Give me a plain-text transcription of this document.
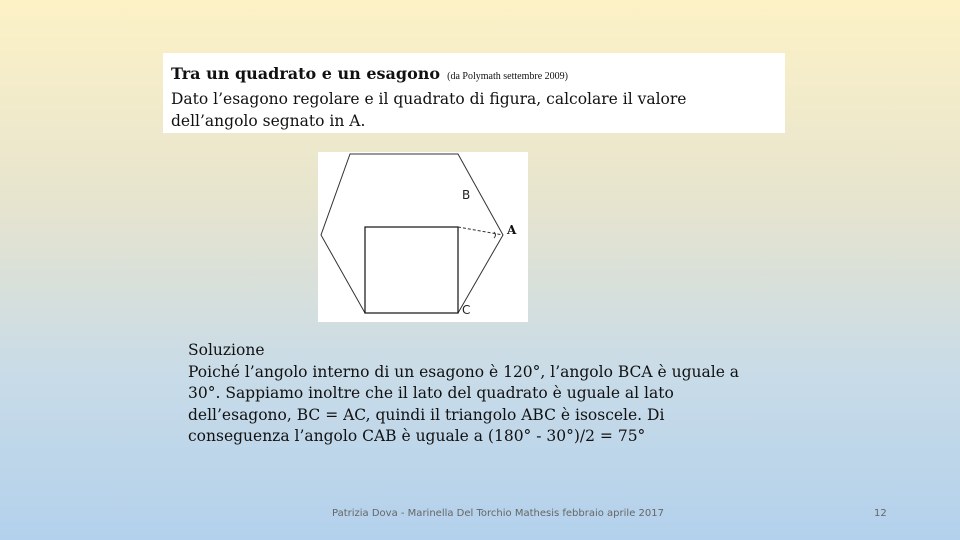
Tra un quadrato e un esagono (da Polymath settembre 2009)
Dato l’esagono regolare e il quadrato di figura, calcolare il valore dell’angolo segnato in A.
B
A
C
Soluzione
Poiché l’angolo interno di un esagono è 120°, l’angolo BCA è uguale a 30°. Sappiamo inoltre che il lato del quadrato è uguale al lato dell’esagono, BC = AC, quindi il triangolo ABC è isoscele. Di conseguenza l’angolo CAB è uguale a (180° - 30°)/2 = 75°
Patrizia Dova - Marinella Del Torchio Mathesis febbraio aprile 2017	12
